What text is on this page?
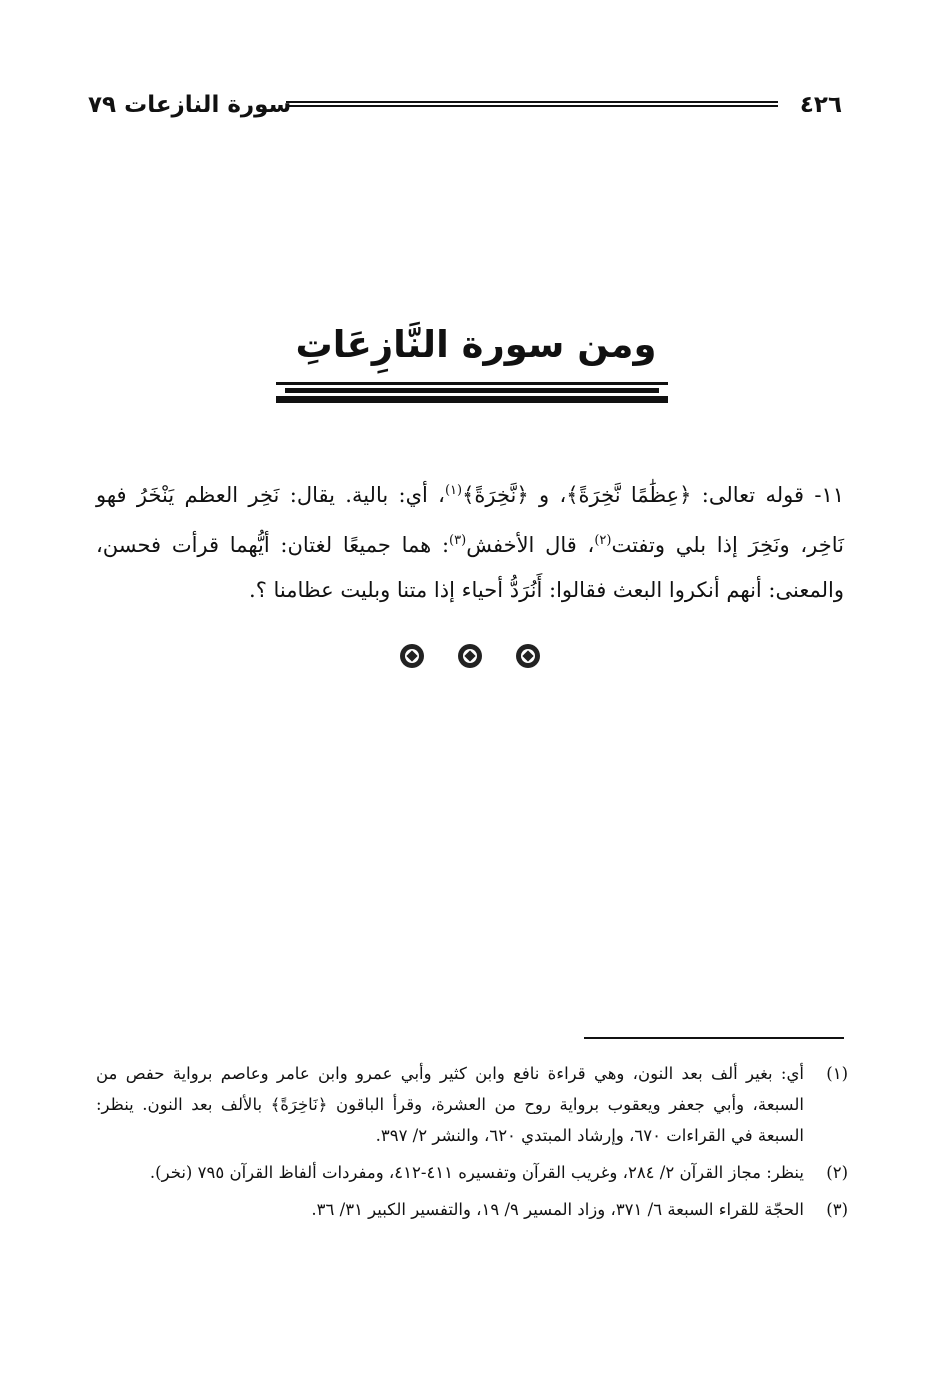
٤٢٦
سورة النازعات ٧٩
ومن سورة النَّازِعَاتِ
١١- قوله تعالى: ﴿عِظَٰمًا نَّخِرَةً﴾، و ﴿نَّخِرَةً﴾$^{(١)}$، أي: بالية. يقال: نَخِر العظم يَنْخَرُ فهو نَاخِر، ونَخِرَ إذا بلي وتفتت$^{(٢)}$، قال الأخفش$^{(٣)}$: هما جميعًا لغتان: أيُّهما قرأت فحسن، والمعنى: أنهم أنكروا البعث فقالوا: أَنُرَدُّ أحياء إذا متنا وبليت عظامنا ؟.
(١)
أي: بغير ألف بعد النون، وهي قراءة نافع وابن كثير وأبي عمرو وابن عامر وعاصم برواية حفص من السبعة، وأبي جعفر ويعقوب برواية روح من العشرة، وقرأ الباقون ﴿نَاخِرَةً﴾ بالألف بعد النون. ينظر: السبعة في القراءات ٦٧٠، وإرشاد المبتدي ٦٢٠، والنشر ٢/ ٣٩٧.
(٢)
ينظر: مجاز القرآن ٢/ ٢٨٤، وغريب القرآن وتفسيره ٤١١-٤١٢، ومفردات ألفاظ القرآن ٧٩٥ (نخر).
(٣)
الحجّة للقراء السبعة ٦/ ٣٧١، وزاد المسير ٩/ ١٩، والتفسير الكبير ٣١/ ٣٦.
